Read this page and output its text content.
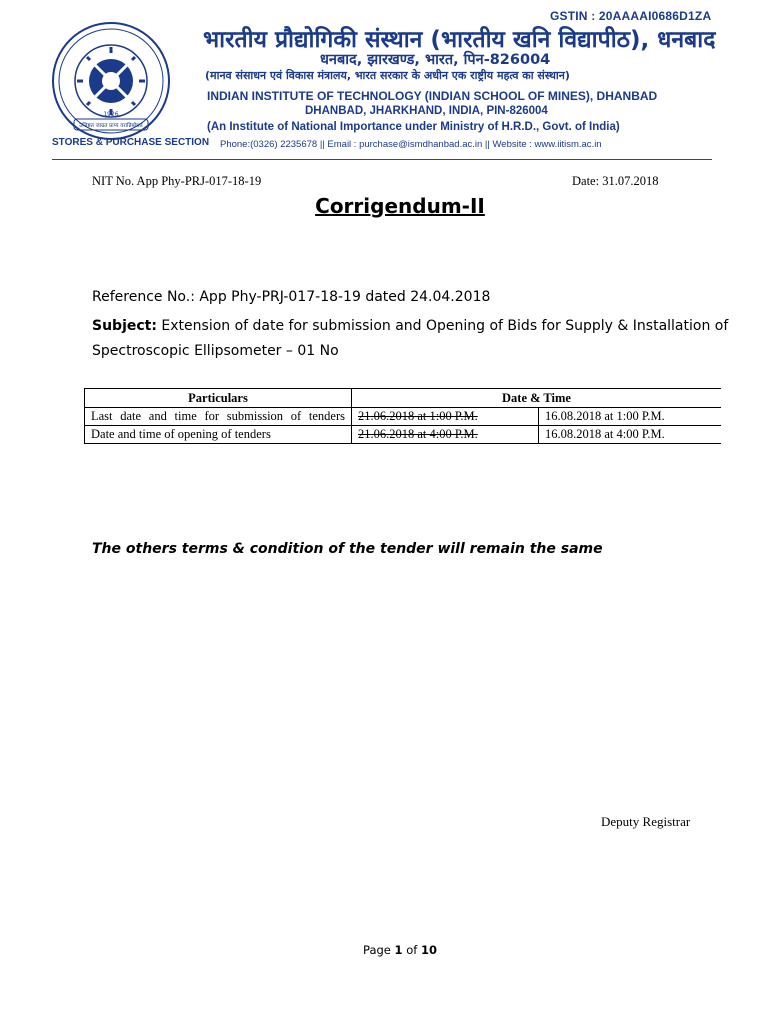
GSTIN : 20AAAAI0686D1ZA
1926
उत्तिष्ठत जाग्रत प्राप्य वरान्निबोधत
भारतीय प्रौद्योगिकी संस्थान (भारतीय खनि विद्यापीठ), धनबाद
धनबाद, झारखण्ड, भारत, पिन-826004
(मानव संसाधन एवं विकास मंत्रालय, भारत सरकार के अधीन एक राष्ट्रीय महत्व का संस्थान)
INDIAN INSTITUTE OF TECHNOLOGY (INDIAN SCHOOL OF MINES), DHANBAD
DHANBAD, JHARKHAND, INDIA, PIN-826004
(An Institute of National Importance under Ministry of H.R.D., Govt. of India)
STORES & PURCHASE SECTION Phone:(0326) 2235678 || Email : purchase@ismdhanbad.ac.in || Website : www.iitism.ac.in
NIT No. App Phy-PRJ-017-18-19	Date: 31.07.2018
Corrigendum-II
Reference No.: App Phy-PRJ-017-18-19 dated 24.04.2018
Subject: Extension of date for submission and Opening of Bids for Supply & Installation of Spectroscopic Ellipsometer – 01 No
Particulars	Date & Time	
Last date and time for submission of tenders	21.06.2018 at 1:00 P.M.	16.08.2018 at 1:00 P.M.
Date and time of opening of tenders	21.06.2018 at 4:00 P.M.	16.08.2018 at 4:00 P.M.
The others terms & condition of the tender will remain the same
Deputy Registrar
Page 1 of 10
